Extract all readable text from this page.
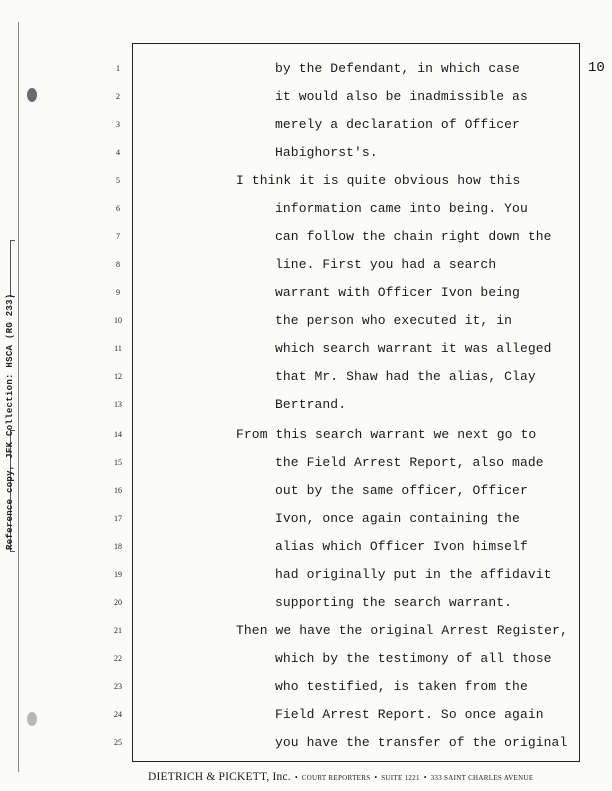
Reference copy, JFK Collection: HSCA (RG 233)
10
1	by the Defendant, in which case
2	it would also be inadmissible as
3	merely a declaration of Officer
4	Habighorst's.
5	I think it is quite obvious how this
6	information came into being. You
7	can follow the chain right down the
8	line. First you had a search
9	warrant with Officer Ivon being
10	the person who executed it, in
11	which search warrant it was alleged
12	that Mr. Shaw had the alias, Clay
13	Bertrand.
14	From this search warrant we next go to
15	the Field Arrest Report, also made
16	out by the same officer, Officer
17	Ivon, once again containing the
18	alias which Officer Ivon himself
19	had originally put in the affidavit
20	supporting the search warrant.
21	Then we have the original Arrest Register,
22	which by the testimony of all those
23	who testified, is taken from the
24	Field Arrest Report. So once again
25	you have the transfer of the original
DIETRICH & PICKETT, Inc. • COURT REPORTERS • SUITE 1221 • 333 SAINT CHARLES AVENUE
